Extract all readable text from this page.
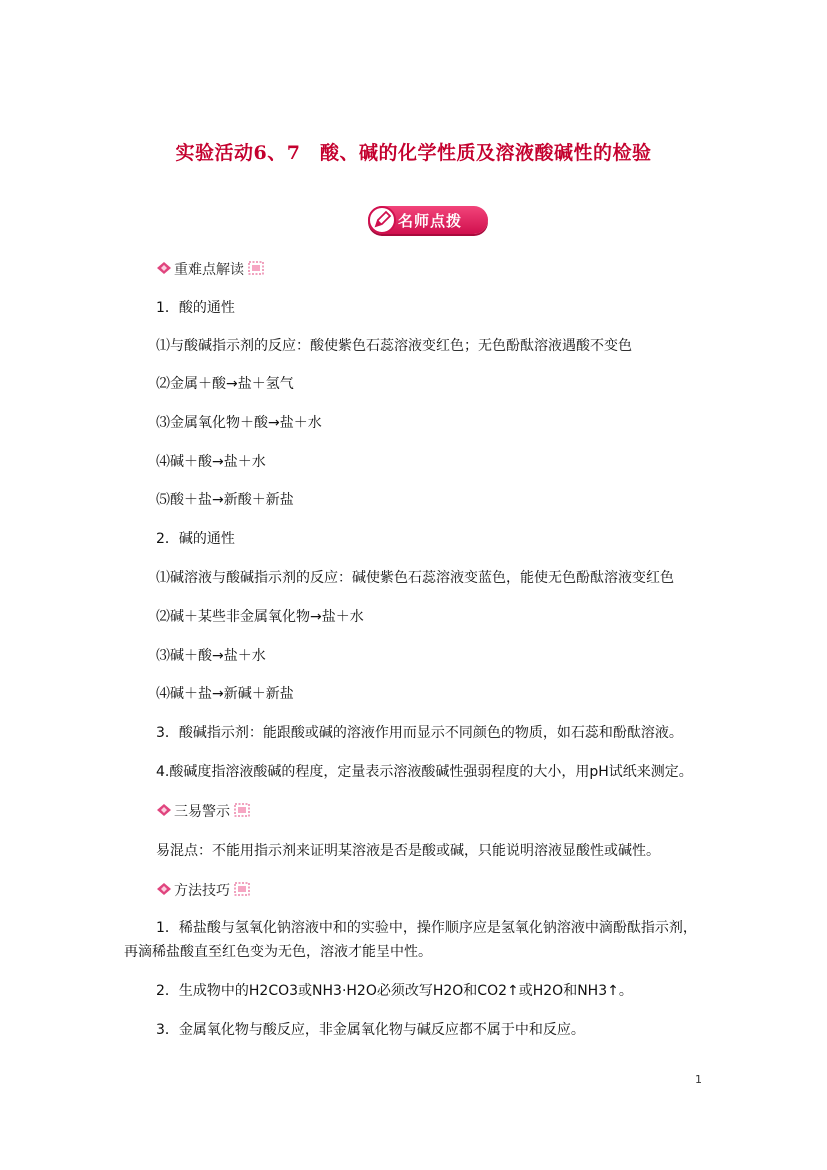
实验活动6、7　酸、碱的化学性质及溶液酸碱性的检验
名师点拨
重难点解读
1．酸的通性
⑴与酸碱指示剂的反应：酸使紫色石蕊溶液变红色；无色酚酞溶液遇酸不变色
⑵金属＋酸→盐＋氢气
⑶金属氧化物＋酸→盐＋水
⑷碱＋酸→盐＋水
⑸酸＋盐→新酸＋新盐
2．碱的通性
⑴碱溶液与酸碱指示剂的反应：碱使紫色石蕊溶液变蓝色，能使无色酚酞溶液变红色
⑵碱＋某些非金属氧化物→盐＋水
⑶碱＋酸→盐＋水
⑷碱＋盐→新碱＋新盐
3．酸碱指示剂：能跟酸或碱的溶液作用而显示不同颜色的物质，如石蕊和酚酞溶液。
4.酸碱度指溶液酸碱的程度，定量表示溶液酸碱性强弱程度的大小，用pH试纸来测定。
三易警示
易混点：不能用指示剂来证明某溶液是否是酸或碱，只能说明溶液显酸性或碱性。
方法技巧
1．稀盐酸与氢氧化钠溶液中和的实验中，操作顺序应是氢氧化钠溶液中滴酚酞指示剂，
再滴稀盐酸直至红色变为无色，溶液才能呈中性。
2．生成物中的H2CO3或NH3·H2O必须改写H2O和CO2↑或H2O和NH3↑。
3．金属氧化物与酸反应，非金属氧化物与碱反应都不属于中和反应。
1
